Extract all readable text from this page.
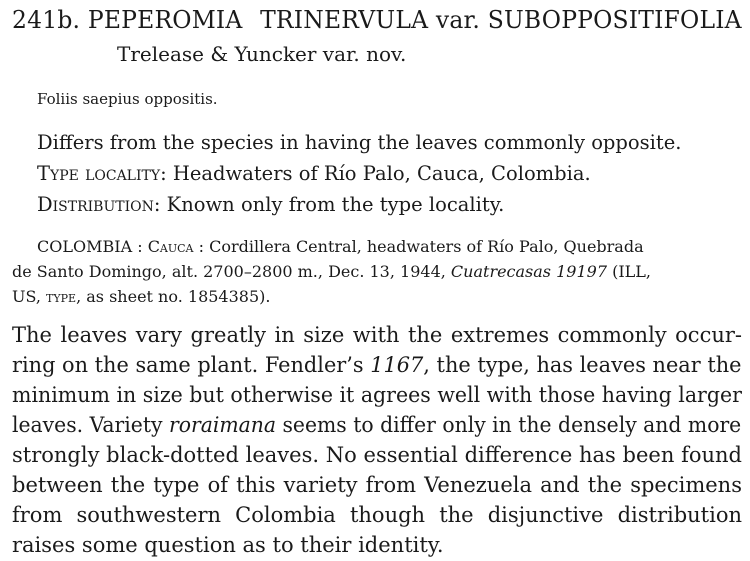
241b. PEPEROMIA TRINERVULA var. SUBOPPOSITIFOLIA
Trelease & Yuncker var. nov.
Foliis saepius oppositis.
Differs from the species in having the leaves commonly opposite.
Type locality: Headwaters of Río Palo, Cauca, Colombia.
Distribution: Known only from the type locality.
COLOMBIA : Cauca : Cordillera Central, headwaters of Río Palo, Quebrada
de Santo Domingo, alt. 2700–2800 m., Dec. 13, 1944, Cuatrecasas 19197 (ILL,
US, type, as sheet no. 1854385).
The leaves vary greatly in size with the extremes commonly occur-
ring on the same plant. Fendler’s 1167, the type, has leaves near the
minimum in size but otherwise it agrees well with those having larger
leaves. Variety roraimana seems to differ only in the densely and more
strongly black-dotted leaves. No essential difference has been found
between the type of this variety from Venezuela and the specimens
from southwestern Colombia though the disjunctive distribution
raises some question as to their identity.
